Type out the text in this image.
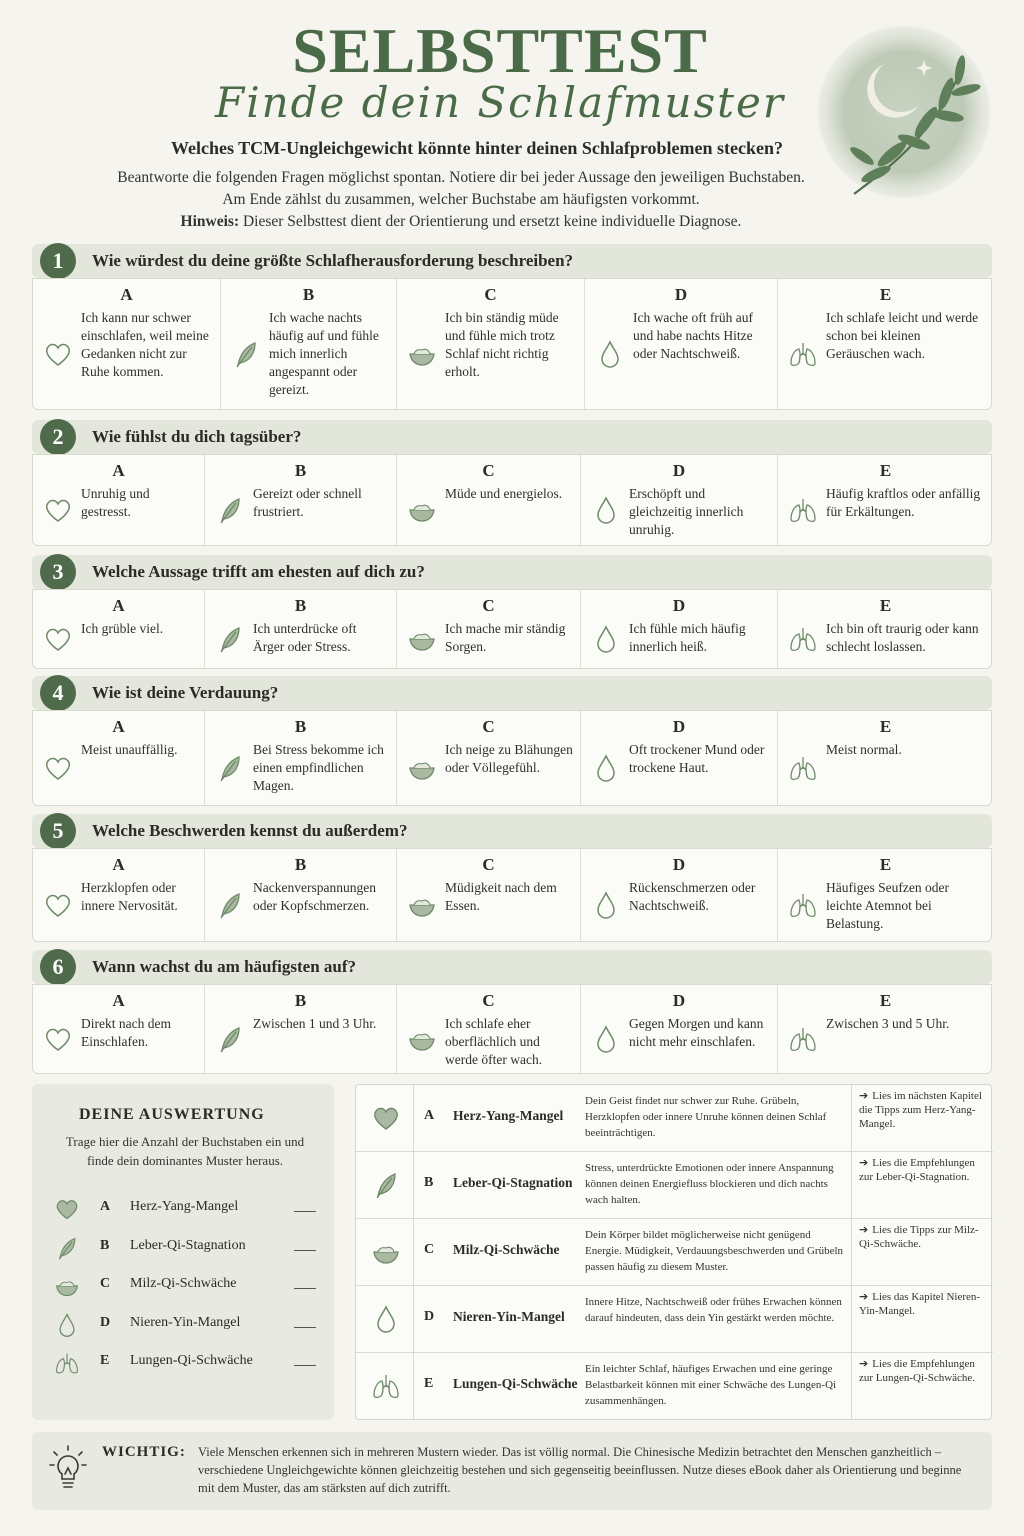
SELBSTTEST
Finde dein Schlafmuster
Welches TCM-Ungleichgewicht könnte hinter deinen Schlafproblemen stecken?
Beantworte die folgenden Fragen möglichst spontan. Notiere dir bei jeder Aussage den jeweiligen Buchstaben.
Am Ende zählst du zusammen, welcher Buchstabe am häufigsten vorkommt.
Hinweis: Dieser Selbsttest dient der Orientierung und ersetzt keine individuelle Diagnose.
1	Wie würdest du deine größte Schlafherausforderung beschreiben?
A
Ich kann nur schwer einschlafen, weil meine Gedanken nicht zur Ruhe kommen.
B
Ich wache nachts häufig auf und fühle mich innerlich angespannt oder gereizt.
C
Ich bin ständig müde und fühle mich trotz Schlaf nicht richtig erholt.
D
Ich wache oft früh auf und habe nachts Hitze oder Nachtschweiß.
E
Ich schlafe leicht und werde schon bei kleinen Geräuschen wach.
2	Wie fühlst du dich tagsüber?
A
Unruhig und gestresst.
B
Gereizt oder schnell frustriert.
C
Müde und energielos.
D
Erschöpft und gleichzeitig innerlich unruhig.
E
Häufig kraftlos oder anfällig für Erkältungen.
3	Welche Aussage trifft am ehesten auf dich zu?
A
Ich grüble viel.
B
Ich unterdrücke oft Ärger oder Stress.
C
Ich mache mir ständig Sorgen.
D
Ich fühle mich häufig innerlich heiß.
E
Ich bin oft traurig oder kann schlecht loslassen.
4	Wie ist deine Verdauung?
A
Meist unauffällig.
B
Bei Stress bekomme ich einen empfindlichen Magen.
C
Ich neige zu Blähungen oder Völlegefühl.
D
Oft trockener Mund oder trockene Haut.
E
Meist normal.
5	Welche Beschwerden kennst du außerdem?
A
Herzklopfen oder innere Nervosität.
B
Nackenverspannungen oder Kopfschmerzen.
C
Müdigkeit nach dem Essen.
D
Rückenschmerzen oder Nachtschweiß.
E
Häufiges Seufzen oder leichte Atemnot bei Belastung.
6	Wann wachst du am häufigsten auf?
A
Direkt nach dem Einschlafen.
B
Zwischen 1 und 3 Uhr.
C
Ich schlafe eher oberflächlich und werde öfter wach.
D
Gegen Morgen und kann nicht mehr einschlafen.
E
Zwischen 3 und 5 Uhr.
DEINE AUSWERTUNG
Trage hier die Anzahl der Buchstaben ein und finde dein dominantes Muster heraus.
A Herz-Yang-Mangel
B Leber-Qi-Stagnation
C Milz-Qi-Schwäche
D Nieren-Yin-Mangel
E Lungen-Qi-Schwäche
A Herz-Yang-Mangel
Dein Geist findet nur schwer zur Ruhe. Grübeln, Herzklopfen oder innere Unruhe können deinen Schlaf beeinträchtigen.
➔ Lies im nächsten Kapitel die Tipps zum Herz-Yang-Mangel.
B Leber-Qi-Stagnation
Stress, unterdrückte Emotionen oder innere Anspannung können deinen Energiefluss blockieren und dich nachts wach halten.
➔ Lies die Empfehlungen zur Leber-Qi-Stagnation.
C Milz-Qi-Schwäche
Dein Körper bildet möglicherweise nicht genügend Energie. Müdigkeit, Verdauungsbeschwerden und Grübeln passen häufig zu diesem Muster.
➔ Lies die Tipps zur Milz-Qi-Schwäche.
D Nieren-Yin-Mangel
Innere Hitze, Nachtschweiß oder frühes Erwachen können darauf hindeuten, dass dein Yin gestärkt werden möchte.
➔ Lies das Kapitel Nieren-Yin-Mangel.
E Lungen-Qi-Schwäche
Ein leichter Schlaf, häufiges Erwachen und eine geringe Belastbarkeit können mit einer Schwäche des Lungen-Qi zusammenhängen.
➔ Lies die Empfehlungen zur Lungen-Qi-Schwäche.
WICHTIG: Viele Menschen erkennen sich in mehreren Mustern wieder. Das ist völlig normal. Die Chinesische Medizin betrachtet den Menschen ganzheitlich – verschiedene Ungleichgewichte können gleichzeitig bestehen und sich gegenseitig beeinflussen. Nutze dieses eBook daher als Orientierung und beginne mit dem Muster, das am stärksten auf dich zutrifft.
